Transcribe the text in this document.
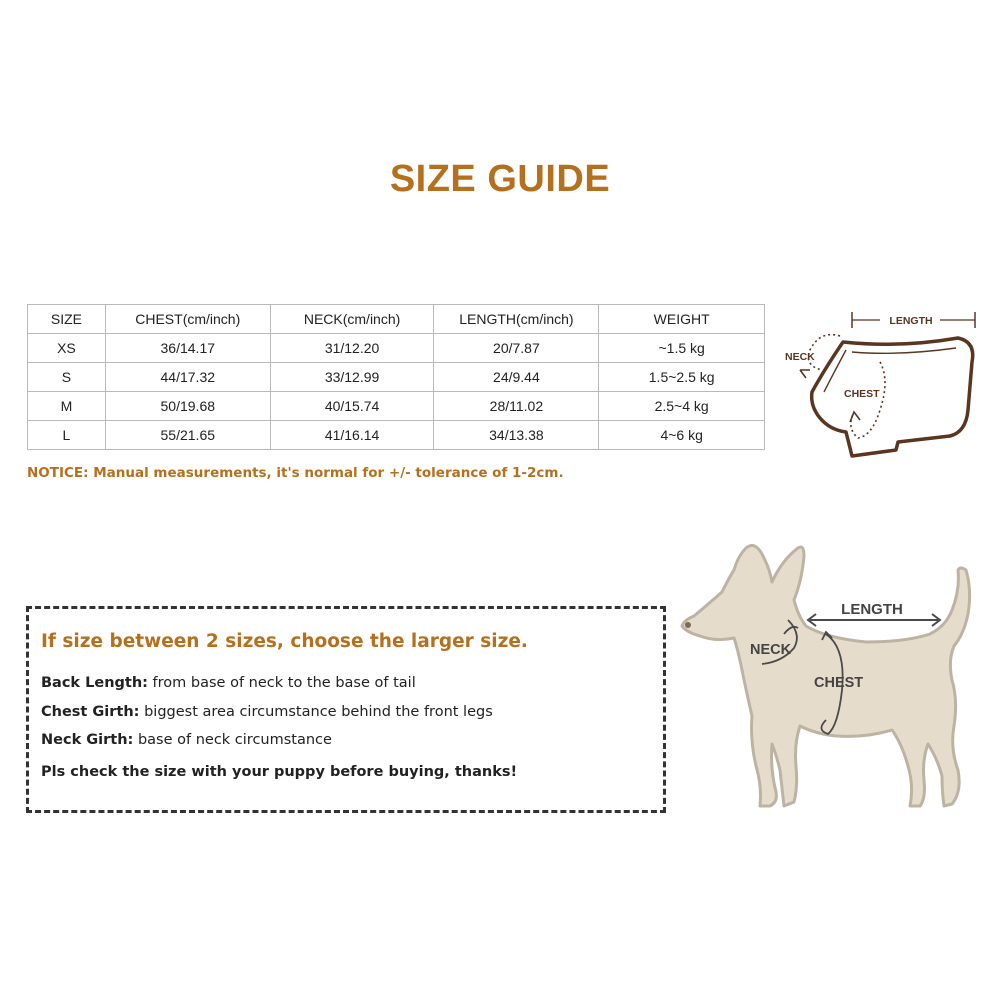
SIZE GUIDE
SIZE	CHEST(cm/inch)	NECK(cm/inch)	LENGTH(cm/inch)	WEIGHT
XS	36/14.17	31/12.20	20/7.87	~1.5 kg
S	44/17.32	33/12.99	24/9.44	1.5~2.5 kg
M	50/19.68	40/15.74	28/11.02	2.5~4 kg
L	55/21.65	41/16.14	34/13.38	4~6 kg
LENGTH
NECK
CHEST
NOTICE: Manual measurements, it's normal for +/- tolerance of 1-2cm.
If size between 2 sizes, choose the larger size.
Back Length: from base of neck to the base of tail
Chest Girth: biggest area circumstance behind the front legs
Neck Girth: base of neck circumstance
Pls check the size with your puppy before buying, thanks!
LENGTH
NECK
CHEST
